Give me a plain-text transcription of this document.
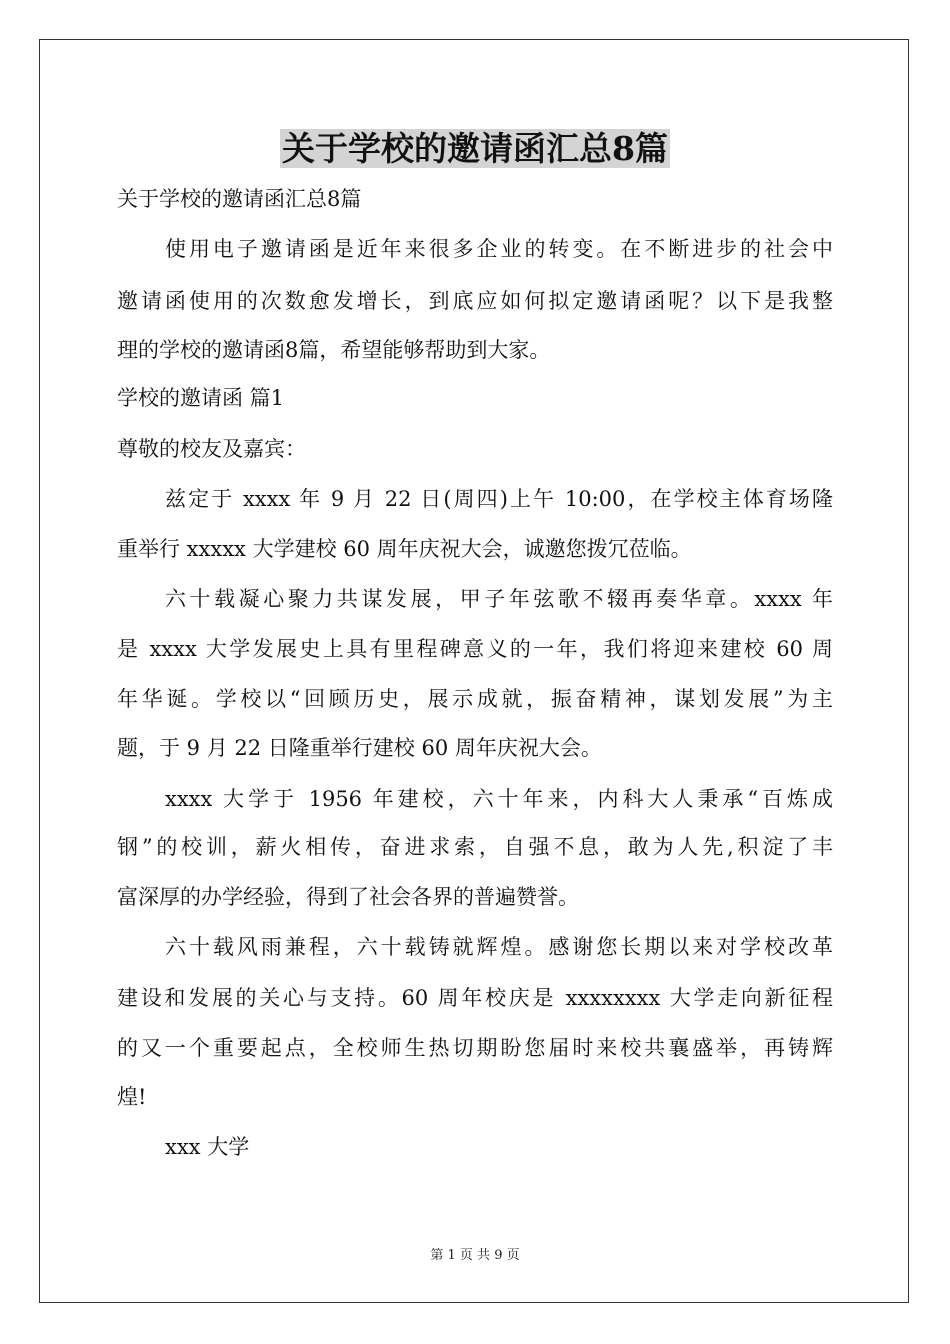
关于学校的邀请函汇总8篇
关于学校的邀请函汇总8篇
使用电子邀请函是近年来很多企业的转变。在不断进步的社会中
邀请函使用的次数愈发增长，到底应如何拟定邀请函呢？以下是我整
理的学校的邀请函8篇，希望能够帮助到大家。
学校的邀请函 篇1
尊敬的校友及嘉宾：
兹定于 xxxx 年 9 月 22 日(周四)上午 10:00，在学校主体育场隆
重举行 xxxxx 大学建校 60 周年庆祝大会，诚邀您拨冗莅临。
六十载凝心聚力共谋发展，甲子年弦歌不辍再奏华章。xxxx 年
是 xxxx 大学发展史上具有里程碑意义的一年，我们将迎来建校 60 周
年华诞。学校以“回顾历史，展示成就，振奋精神，谋划发展”为主
题，于 9 月 22 日隆重举行建校 60 周年庆祝大会。
xxxx 大学于 1956 年建校，六十年来，内科大人秉承“百炼成
钢”的校训，薪火相传，奋进求索，自强不息，敢为人先,积淀了丰
富深厚的办学经验，得到了社会各界的普遍赞誉。
六十载风雨兼程，六十载铸就辉煌。感谢您长期以来对学校改革
建设和发展的关心与支持。60 周年校庆是 xxxxxxxx 大学走向新征程
的又一个重要起点，全校师生热切期盼您届时来校共襄盛举，再铸辉
煌!
xxx 大学
第 1 页 共 9 页
